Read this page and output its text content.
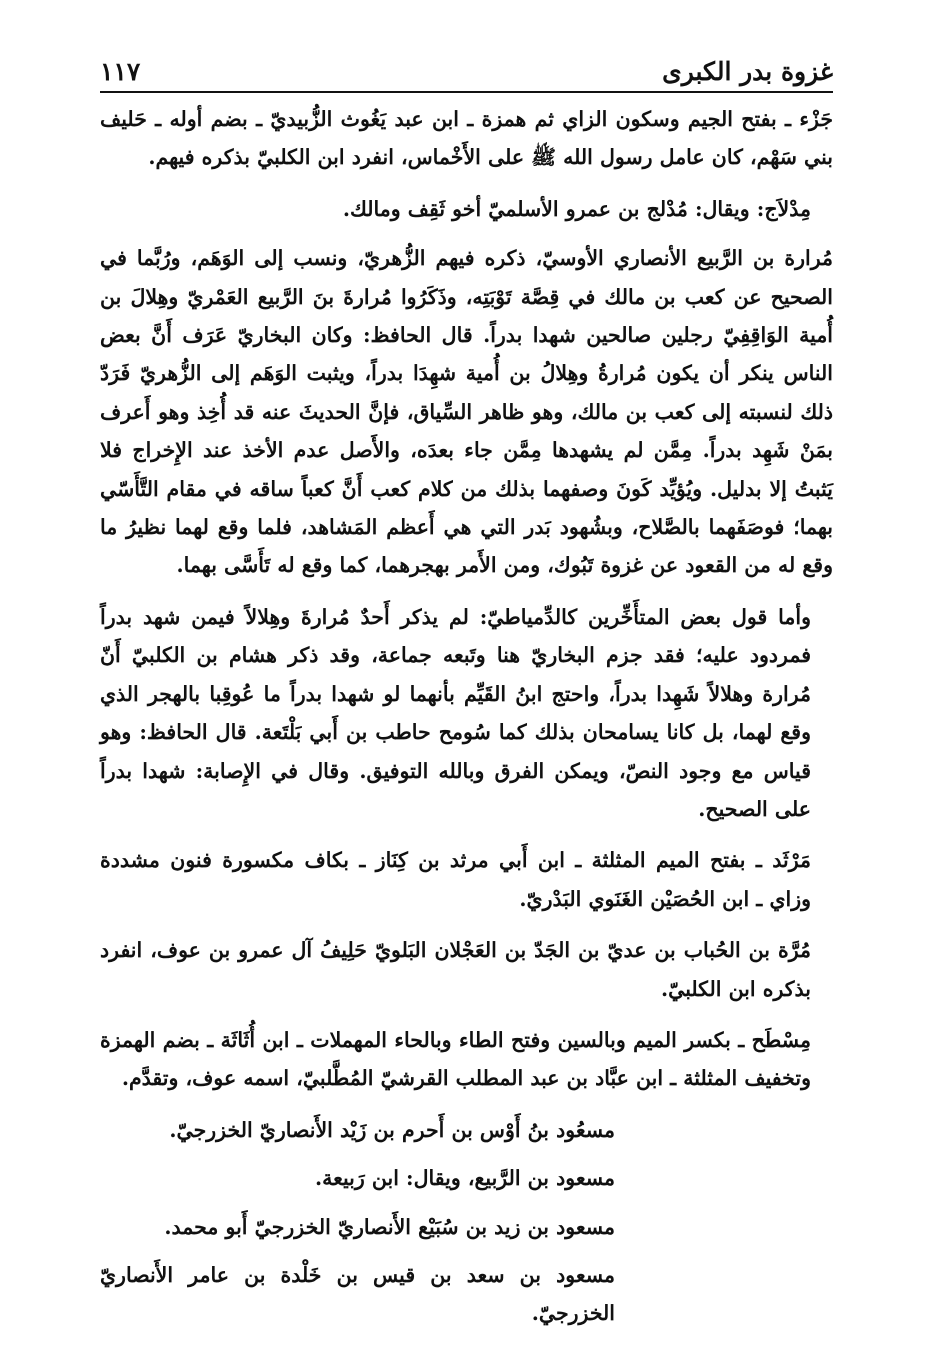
غزوة بدر الكبرى
١١٧

جَزْء ـ بفتح الجيم وسكون الزاي ثم همزة ـ ابن عبد يَغُوث الزُّبيديّ ـ بضم أوله ـ حَليف بني سَهْم، كان عامل رسول الله ﷺ على الأَخْماس، انفرد ابن الكلبيّ بذكره فيهم.

مِدْلاَج: ويقال: مُدْلج بن عمرو الأسلميّ أخو ثَقِف ومالك.

مُرارة بن الرَّبيع الأنصاري الأوسيّ، ذكره فيهم الزُّهريّ، ونسب إلى الوَهَم، ورُبَّما في الصحيح عن كعب بن مالك في قِصَّة تَوْبَتِه، وذَكَرُوا مُرارةَ بنَ الرَّبيع العَمْريّ وهِلالَ بن أُمية الوَاقِفِيّ رجلين صالحين شهدا بدراً. قال الحافظ: وكان البخاريّ عَرَف أَنَّ بعض الناس ينكر أن يكون مُرارةُ وهِلالُ بن أُمية شهِدَا بدراً، ويثبت الوَهَم إلى الزُّهريّ فَرَدّ ذلك لنسبته إلى كعب بن مالك، وهو ظاهر السِّياق، فإنَّ الحديثَ عنه قد أُخِذ وهو أَعرف بمَنْ شَهِد بدراً. مِمَّن لم يشهدها مِمَّن جاء بعدَه، والأَصل عدم الأخذ عند الإِخراج فلا يَثبتُ إلا بدليل. ويُؤيِّد كَونَ وصفهما بذلك من كلام كعب أَنَّ كعباً ساقه في مقام التَّأَسّي بهما؛ فوصَفَهما بالصَّلاح، وبشُهود بَدر التي هي أَعظم المَشاهد، فلما وقع لهما نظيرُ ما وقع له من القعود عن غزوة تَبُوك، ومن الأَمر بهجرهما، كما وقع له تَأَسَّى بهما.

وأما قول بعض المتأَخِّرين كالدِّمياطيّ: لم يذكر أَحدٌ مُرارةَ وهِلالاً فيمن شهد بدراً فمردود عليه؛ فقد جزم البخاريّ هنا وتَبعه جماعة، وقد ذكر هشام بن الكلبيّ أَنّ مُرارة وهلالاً شَهِدا بدراً، واحتج ابنُ القَيِّم بأنهما لو شهدا بدراً ما عُوقِبا بالهجر الذي وقع لهما، بل كانا يسامحان بذلك كما سُومح حاطب بن أَبي بَلْتَعة. قال الحافظ: وهو قياس مع وجود النصّ، ويمكن الفرق وبالله التوفيق. وقال في الإِصابة: شهدا بدراً على الصحيح.

مَرْثَد ـ بفتح الميم المثلثة ـ ابن أَبي مرثد بن كِنَاز ـ بكاف مكسورة فنون مشددة وزاي ـ ابن الحُصَيْن الغَنَوي البَدْريّ.

مُرَّة بن الحُباب بن عديّ بن الجَدّ بن العَجْلان البَلويّ حَلِيفُ آل عمرو بن عوف، انفرد بذكره ابن الكلبيّ.

مِسْطَح ـ بكسر الميم وبالسين وفتح الطاء وبالحاء المهملات ـ ابن أُثَاثَة ـ بضم الهمزة وتخفيف المثلثة ـ ابن عبَّاد بن عبد المطلب القرشيّ المُطَّلبيّ، اسمه عوف، وتقدَّم.

مسعُود بنُ أَوْس بن أَحرم بن زَيْد الأَنصاريّ الخزرجيّ.

مسعود بن الرَّبيع، ويقال: ابن رَبيعة.

مسعود بن زيد بن سُبَيْع الأَنصاريّ الخزرجيّ أَبو محمد.

مسعود بن سعد بن قيس بن خَلْدة بن عامر الأَنصاريّ الخزرجيّ.
